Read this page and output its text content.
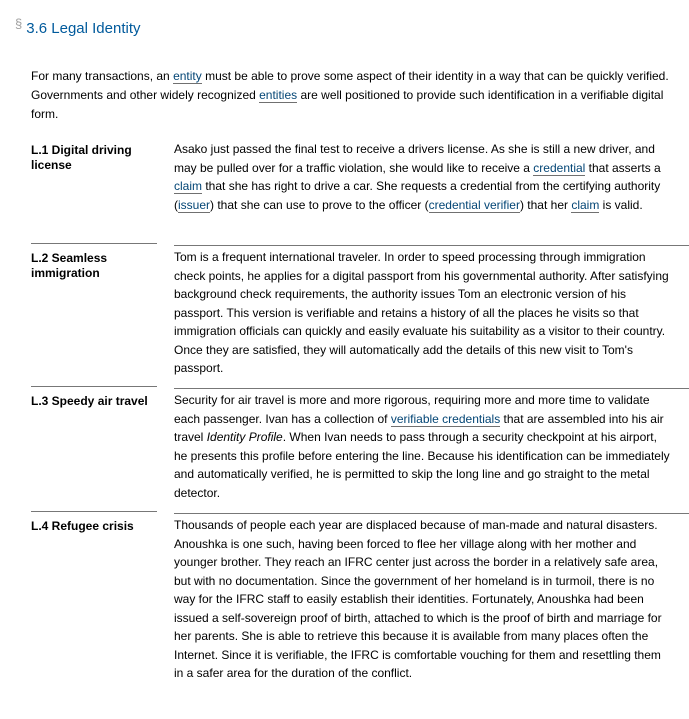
§ 3.6 Legal Identity
For many transactions, an entity must be able to prove some aspect of their identity in a way that can be quickly verified. Governments and other widely recognized entities are well positioned to provide such identification in a verifiable digital form.
L.1 Digital driving license
Asako just passed the final test to receive a drivers license. As she is still a new driver, and may be pulled over for a traffic violation, she would like to receive a credential that asserts a claim that she has right to drive a car. She requests a credential from the certifying authority (issuer) that she can use to prove to the officer (credential verifier) that her claim is valid.
L.2 Seamless immigration
Tom is a frequent international traveler. In order to speed processing through immigration check points, he applies for a digital passport from his governmental authority. After satisfying background check requirements, the authority issues Tom an electronic version of his passport. This version is verifiable and retains a history of all the places he visits so that immigration officials can quickly and easily evaluate his suitability as a visitor to their country. Once they are satisfied, they will automatically add the details of this new visit to Tom's passport.
L.3 Speedy air travel	Security for air travel is more and more rigorous, requiring more and more time to validate each passenger. Ivan has a collection of verifiable credentials that are assembled into his air travel Identity Profile. When Ivan needs to pass through a security checkpoint at his airport, he presents this profile before entering the line. Because his identification can be immediately and automatically verified, he is permitted to skip the long line and go straight to the metal detector.
L.4 Refugee crisis	Thousands of people each year are displaced because of man-made and natural disasters. Anoushka is one such, having been forced to flee her village along with her mother and younger brother. They reach an IFRC center just across the border in a relatively safe area, but with no documentation. Since the government of her homeland is in turmoil, there is no way for the IFRC staff to easily establish their identities. Fortunately, Anoushka had been issued a self-sovereign proof of birth, attached to which is the proof of birth and marriage for her parents. She is able to retrieve this because it is available from many places often the Internet. Since it is verifiable, the IFRC is comfortable vouching for them and resettling them in a safer area for the duration of the conflict.
